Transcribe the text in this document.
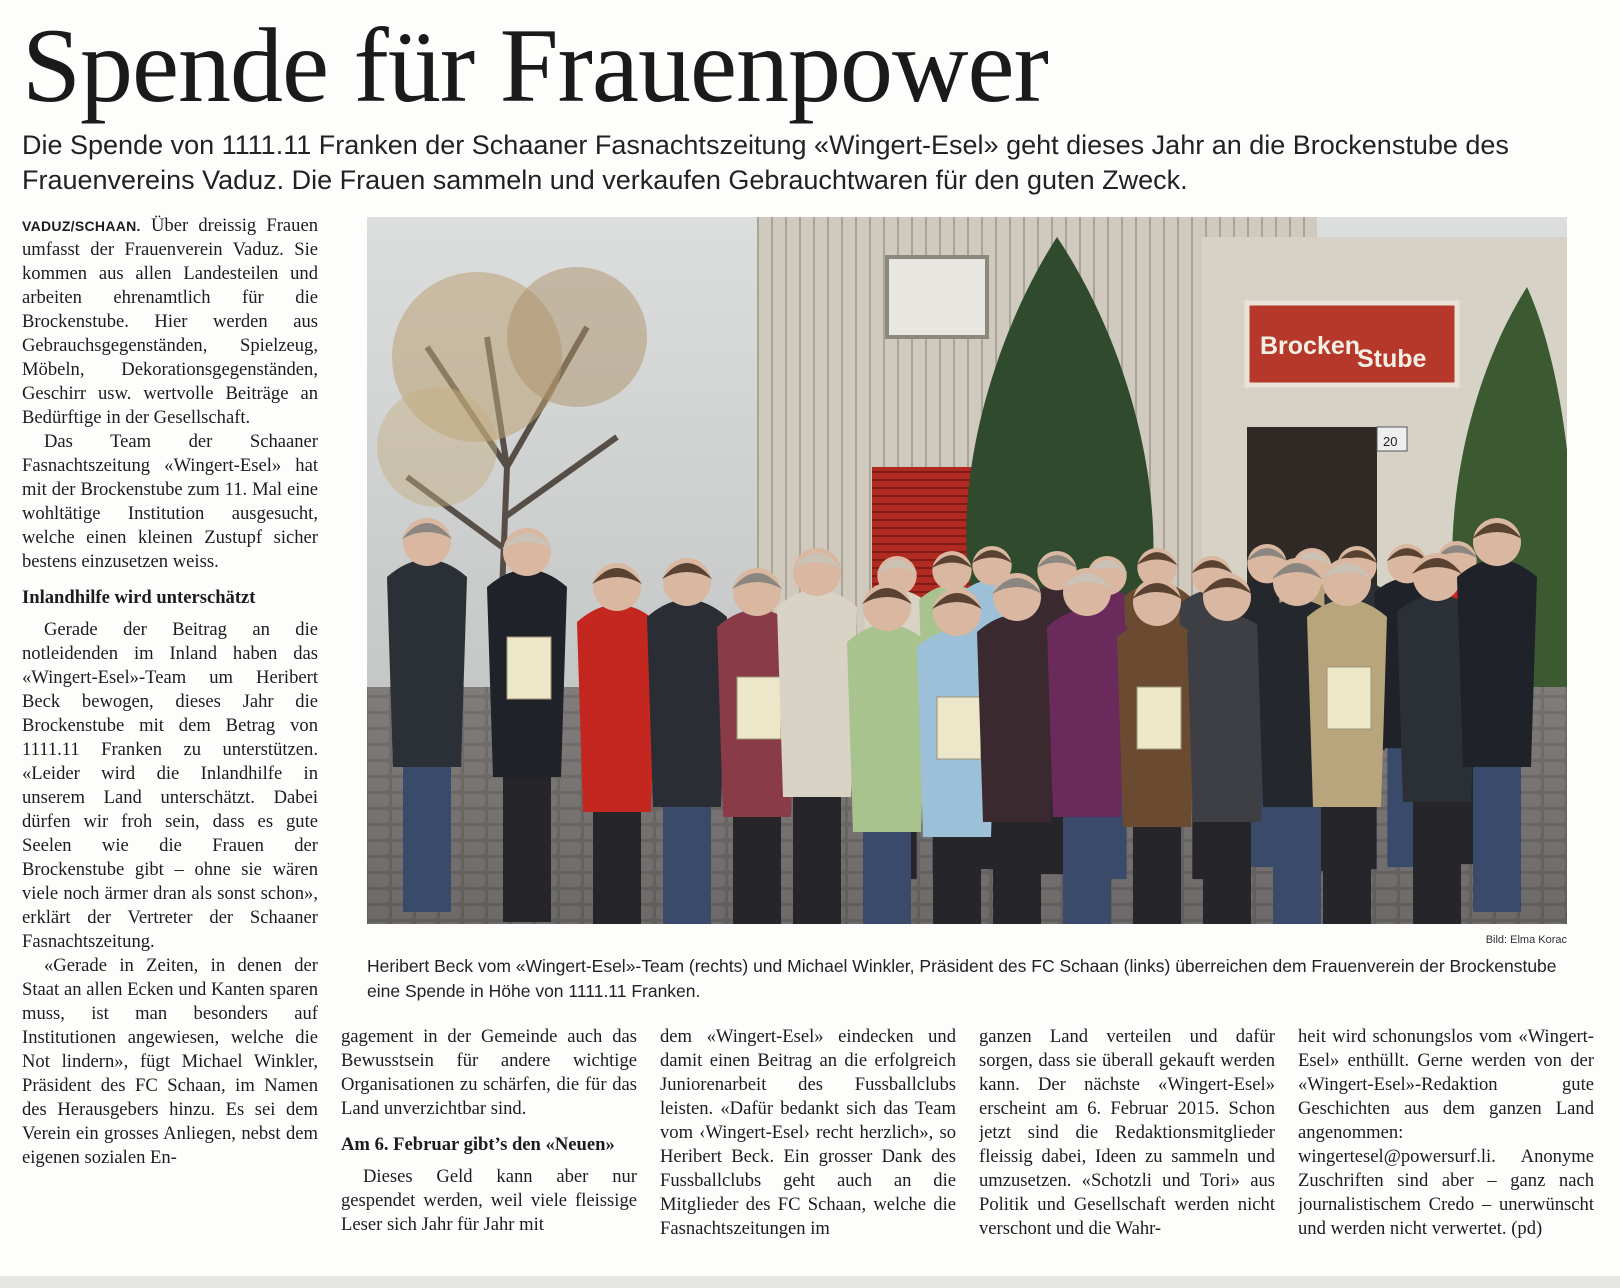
Spende für Frauenpower

Die Spende von 1111.11 Franken der Schaaner Fasnachtszeitung «Wingert-Esel» geht dieses Jahr an die Brockenstube des Frauenvereins Vaduz. Die Frauen sammeln und verkaufen Gebrauchtwaren für den guten Zweck.

VADUZ/SCHAAN. Über dreissig Frauen umfasst der Frauenverein Vaduz. Sie kommen aus allen Landesteilen und arbeiten ehrenamtlich für die Brockenstube. Hier werden aus Gebrauchsgegenständen, Spielzeug, Möbeln, Dekorationsgegenständen, Geschirr usw. wertvolle Beiträge an Bedürftige in der Gesellschaft.

Das Team der Schaaner Fasnachtszeitung «Wingert-Esel» hat mit der Brockenstube zum 11. Mal eine wohltätige Institution ausgesucht, welche einen kleinen Zustupf sicher bestens einzusetzen weiss.

Inlandhilfe wird unterschätzt

Gerade der Beitrag an die notleidenden im Inland haben das «Wingert-Esel»-Team um Heribert Beck bewogen, dieses Jahr die Brockenstube mit dem Betrag von 1111.11 Franken zu unterstützen. «Leider wird die Inlandhilfe in unserem Land unterschätzt. Dabei dürfen wir froh sein, dass es gute Seelen wie die Frauen der Brockenstube gibt – ohne sie wären viele noch ärmer dran als sonst schon», erklärt der Vertreter der Schaaner Fasnachtszeitung.

«Gerade in Zeiten, in denen der Staat an allen Ecken und Kanten sparen muss, ist man besonders auf Institutionen angewiesen, welche die Not lindern», fügt Michael Winkler, Präsident des FC Schaan, im Namen des Herausgebers hinzu. Es sei dem Verein ein grosses Anliegen, nebst dem eigenen sozialen En-

gagement in der Gemeinde auch das Bewusstsein für andere wichtige Organisationen zu schärfen, die für das Land unverzichtbar sind.

Am 6. Februar gibt’s den «Neuen»

Dieses Geld kann aber nur gespendet werden, weil viele fleissige Leser sich Jahr für Jahr mit

dem «Wingert-Esel» eindecken und damit einen Beitrag an die erfolgreich Juniorenarbeit des Fussballclubs leisten. «Dafür bedankt sich das Team vom ‹Wingert-Esel› recht herzlich», so Heribert Beck. Ein grosser Dank des Fussballclubs geht auch an die Mitglieder des FC Schaan, welche die Fasnachtszeitungen im

ganzen Land verteilen und dafür sorgen, dass sie überall gekauft werden kann. Der nächste «Wingert-Esel» erscheint am 6. Februar 2015. Schon jetzt sind die Redaktionsmitglieder fleissig dabei, Ideen zu sammeln und umzusetzen. «Schotzli und Tori» aus Politik und Gesellschaft werden nicht verschont und die Wahr-

heit wird schonungslos vom «Wingert-Esel» enthüllt. Gerne werden von der «Wingert-Esel»-Redaktion gute Geschichten aus dem ganzen Land angenommen: wingertesel@powersurf.li. Anonyme Zuschriften sind aber – ganz nach journalistischem Credo – unerwünscht und werden nicht verwertet. (pd)

Brocken
Stube
20
Bild: Elma Korac

Heribert Beck vom «Wingert-Esel»-Team (rechts) und Michael Winkler, Präsident des FC Schaan (links) überreichen dem Frauenverein der Brockenstube eine Spende in Höhe von 1111.11 Franken.
